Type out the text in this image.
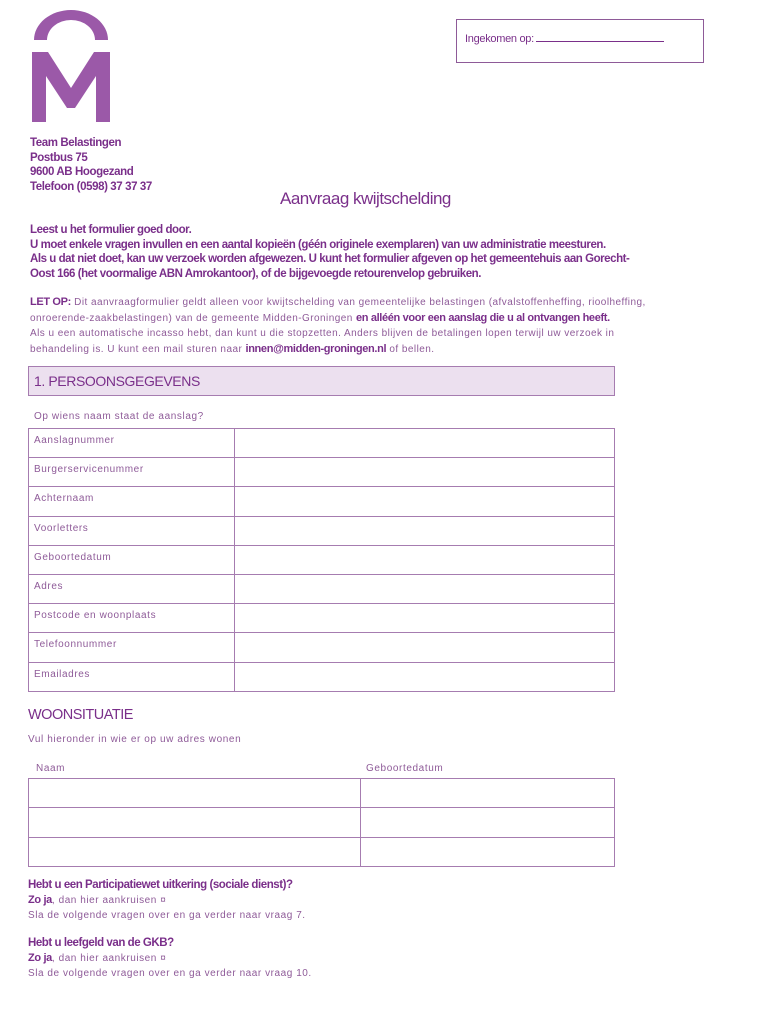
Ingekomen op:
Team Belastingen
Postbus 75
9600 AB Hoogezand
Telefoon (0598) 37 37 37
Aanvraag kwijtschelding
Leest u het formulier goed door.
U moet enkele vragen invullen en een aantal kopieën (géén originele exemplaren) van uw administratie meesturen.
Als u dat niet doet, kan uw verzoek worden afgewezen. U kunt het formulier afgeven op het gemeentehuis aan Gorecht-
Oost 166 (het voormalige ABN Amrokantoor), of de bijgevoegde retourenvelop gebruiken.
LET OP: Dit aanvraagformulier geldt alleen voor kwijtschelding van gemeentelijke belastingen (afvalstoffenheffing, rioolheffing,
onroerende-zaakbelastingen) van de gemeente Midden-Groningen en alléén voor een aanslag die u al ontvangen heeft.
Als u een automatische incasso hebt, dan kunt u die stopzetten. Anders blijven de betalingen lopen terwijl uw verzoek in
behandeling is. U kunt een mail sturen naar innen@midden-groningen.nl of bellen.
1. PERSOONSGEGEVENS
Op wiens naam staat de aanslag?
Aanslagnummer	
Burgerservicenummer	
Achternaam	
Voorletters	
Geboortedatum	
Adres	
Postcode en woonplaats	
Telefoonnummer	
Emailadres	
WOONSITUATIE
Vul hieronder in wie er op uw adres wonen
Naam	Geboortedatum

Hebt u een Participatiewet uitkering (sociale dienst)?
Zo ja, dan hier aankruisen ¤
Sla de volgende vragen over en ga verder naar vraag 7.
Hebt u leefgeld van de GKB?
Zo ja, dan hier aankruisen ¤
Sla de volgende vragen over en ga verder naar vraag 10.
